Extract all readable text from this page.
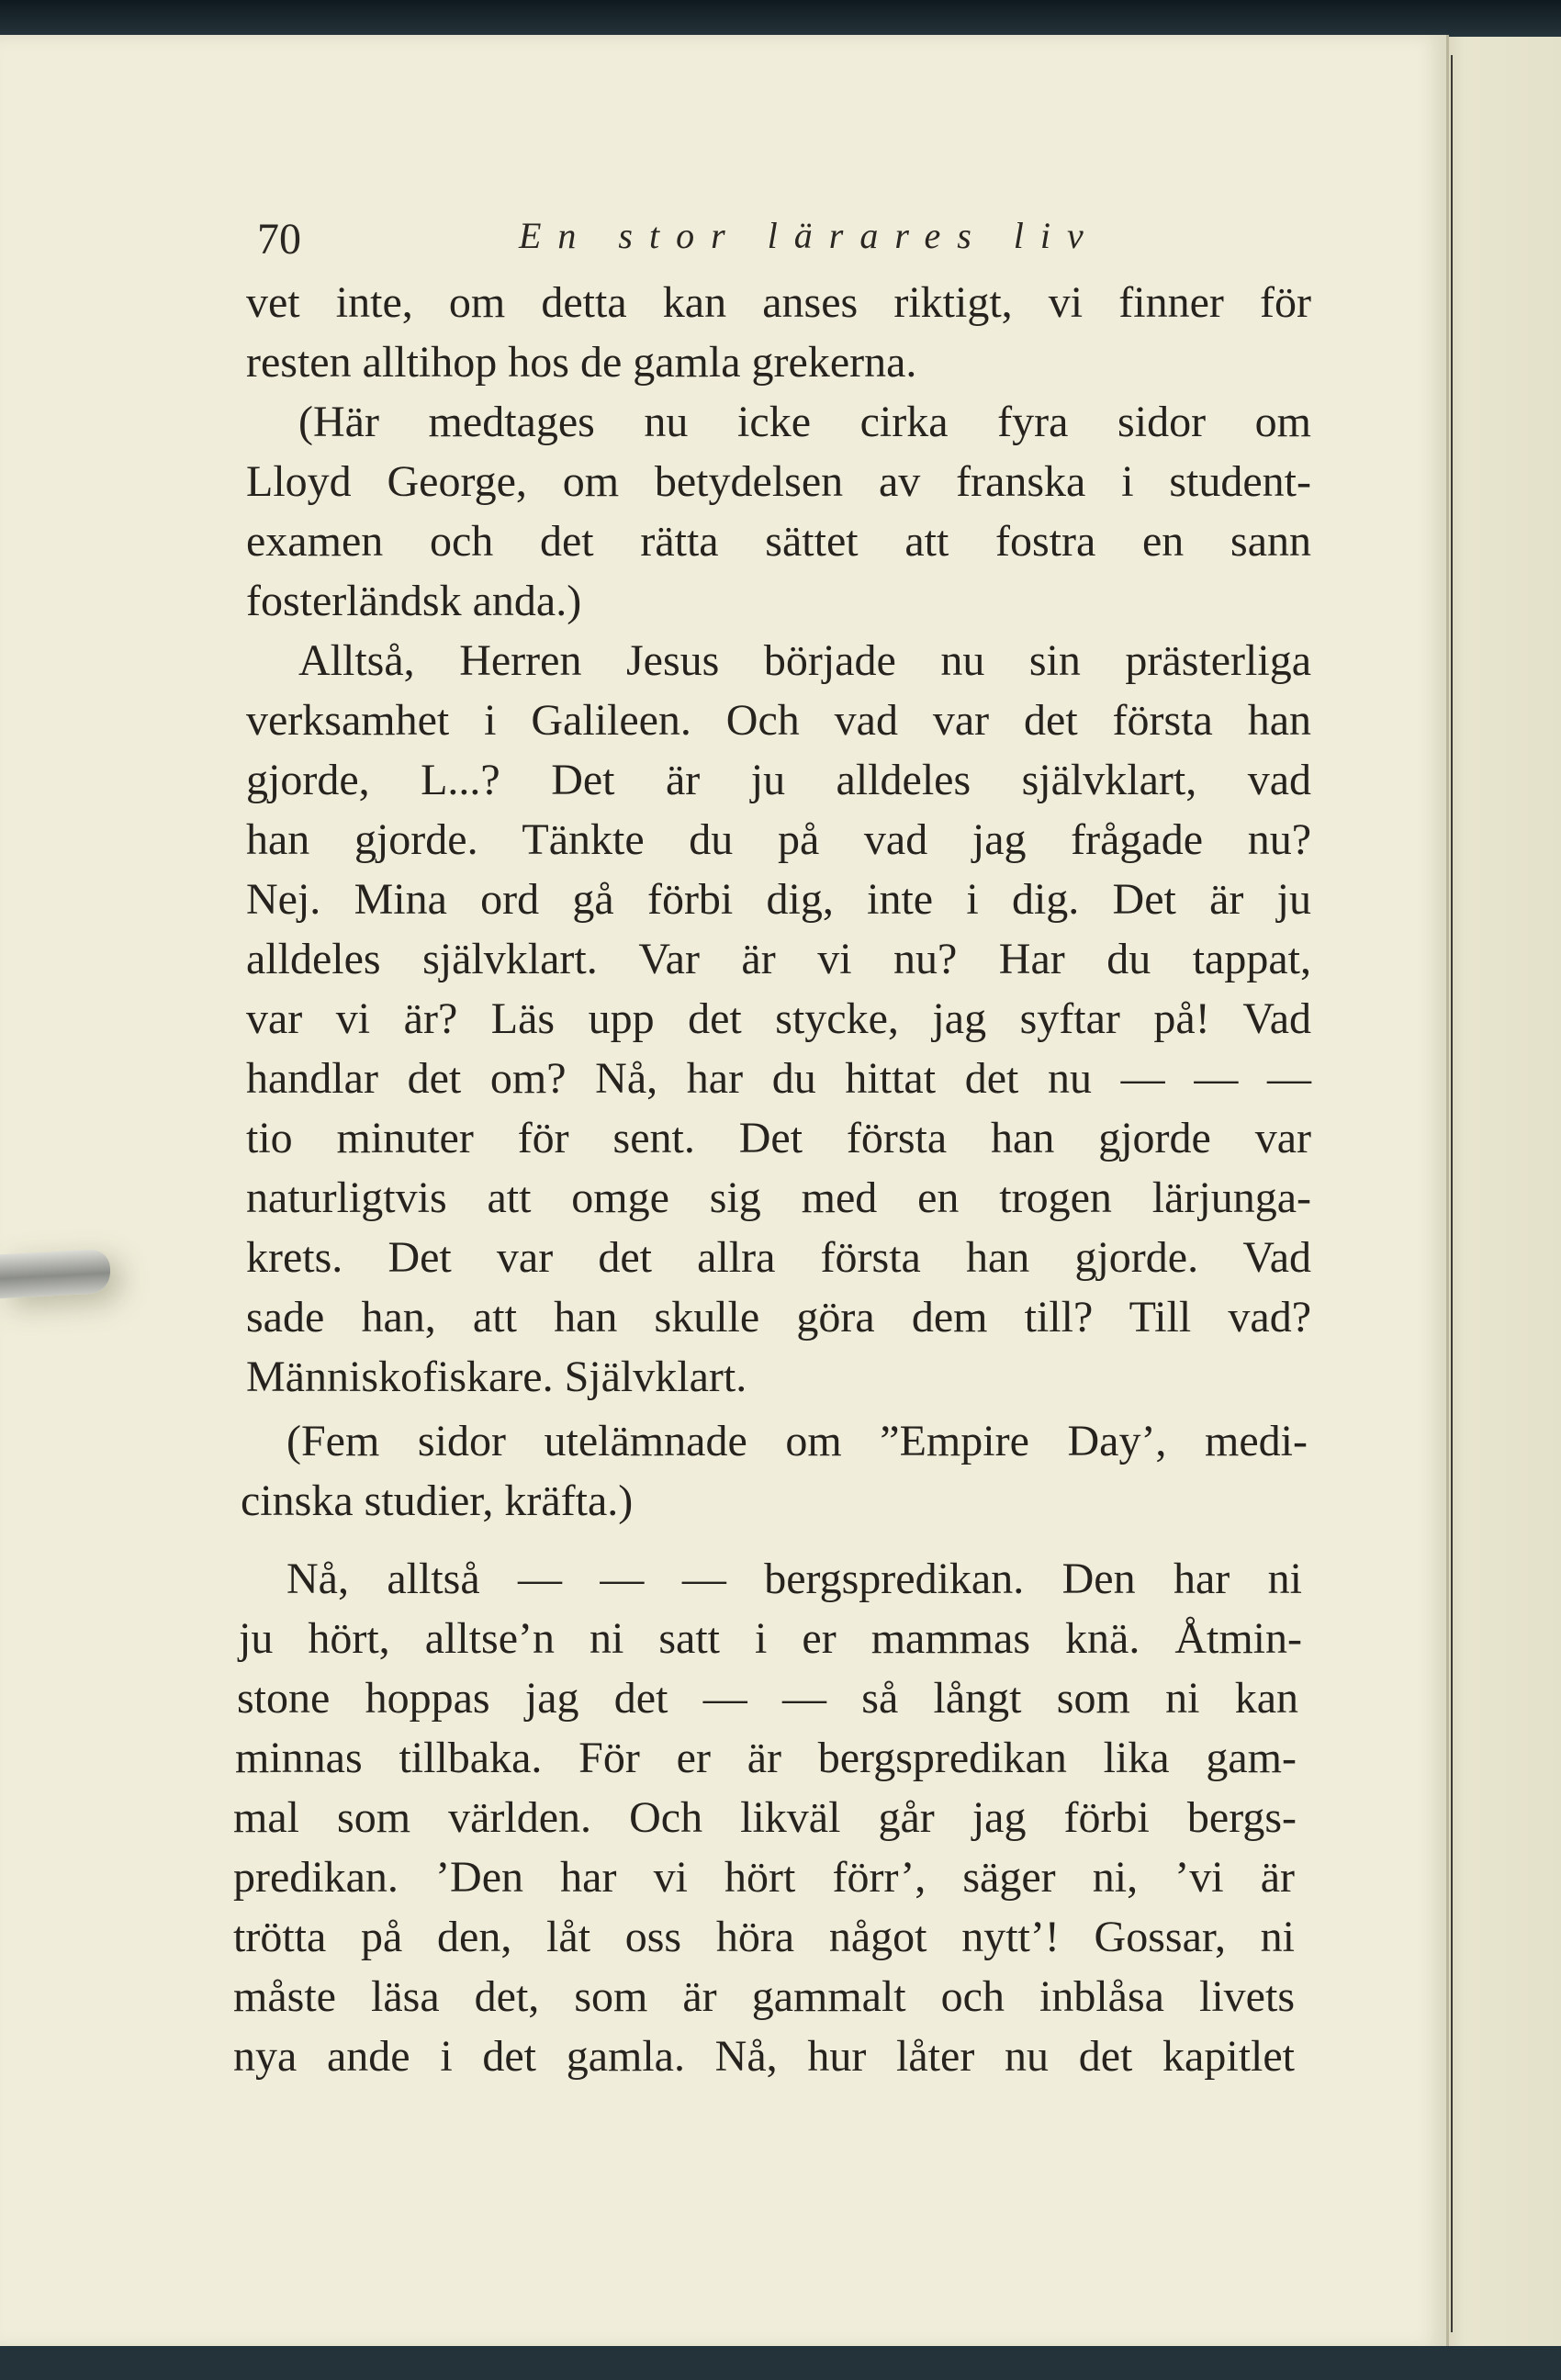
70	En stor lärares liv
vet inte, om detta kan anses riktigt, vi finner för
resten alltihop hos de gamla grekerna.
(Här medtages nu icke cirka fyra sidor om
Lloyd George, om betydelsen av franska i student-
examen och det rätta sättet att fostra en sann
fosterländsk anda.)
Alltså, Herren Jesus började nu sin prästerliga
verksamhet i Galileen. Och vad var det första han
gjorde, L...? Det är ju alldeles självklart, vad
han gjorde. Tänkte du på vad jag frågade nu?
Nej. Mina ord gå förbi dig, inte i dig. Det är ju
alldeles självklart. Var är vi nu? Har du tappat,
var vi är? Läs upp det stycke, jag syftar på! Vad
handlar det om? Nå, har du hittat det nu — — —
tio minuter för sent. Det första han gjorde var
naturligtvis att omge sig med en trogen lärjunga-
krets. Det var det allra första han gjorde. Vad
sade han, att han skulle göra dem till? Till vad?
Människofiskare. Självklart.
(Fem sidor utelämnade om ”Empire Day’, medi-
cinska studier, kräfta.)
Nå, alltså — — — bergspredikan. Den har ni
ju hört, alltse’n ni satt i er mammas knä. Åtmin-
stone hoppas jag det — — så långt som ni kan
minnas tillbaka. För er är bergspredikan lika gam-
mal som världen. Och likväl går jag förbi bergs-
predikan. ’Den har vi hört förr’, säger ni, ’vi är
trötta på den, låt oss höra något nytt’! Gossar, ni
måste läsa det, som är gammalt och inblåsa livets
nya ande i det gamla. Nå, hur låter nu det kapitlet
